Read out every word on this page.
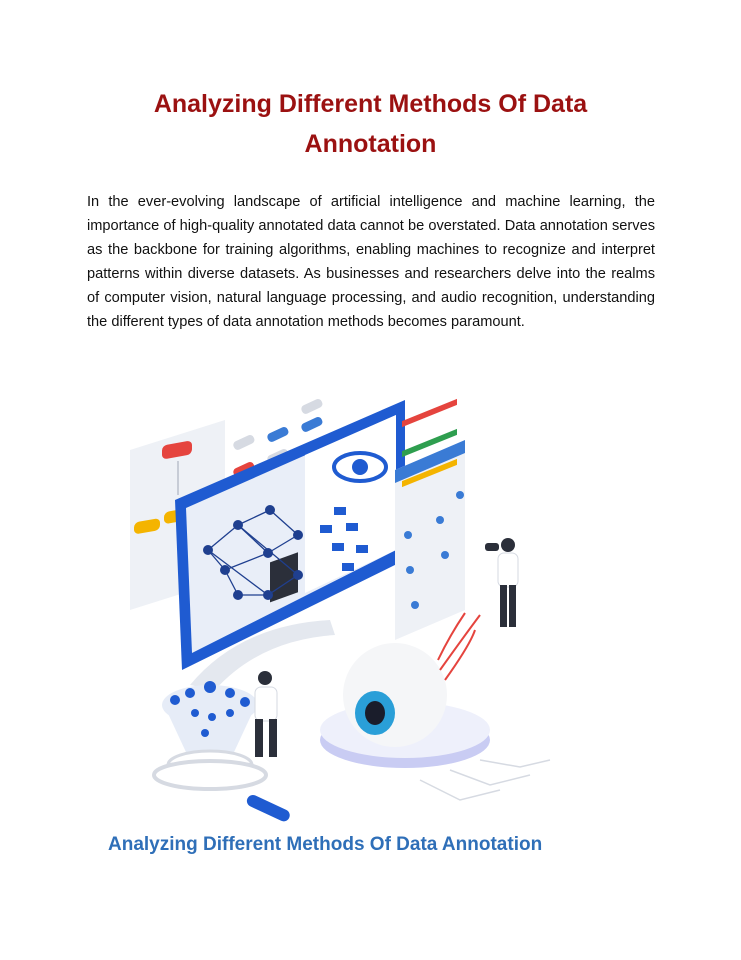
Analyzing Different Methods Of Data Annotation

In the ever-evolving landscape of artificial intelligence and machine learning, the importance of high-quality annotated data cannot be overstated. Data annotation serves as the backbone for training algorithms, enabling machines to recognize and interpret patterns within diverse datasets. As businesses and researchers delve into the realms of computer vision, natural language processing, and audio recognition, understanding the different types of data annotation methods becomes paramount.

Analyzing Different Methods Of Data Annotation
